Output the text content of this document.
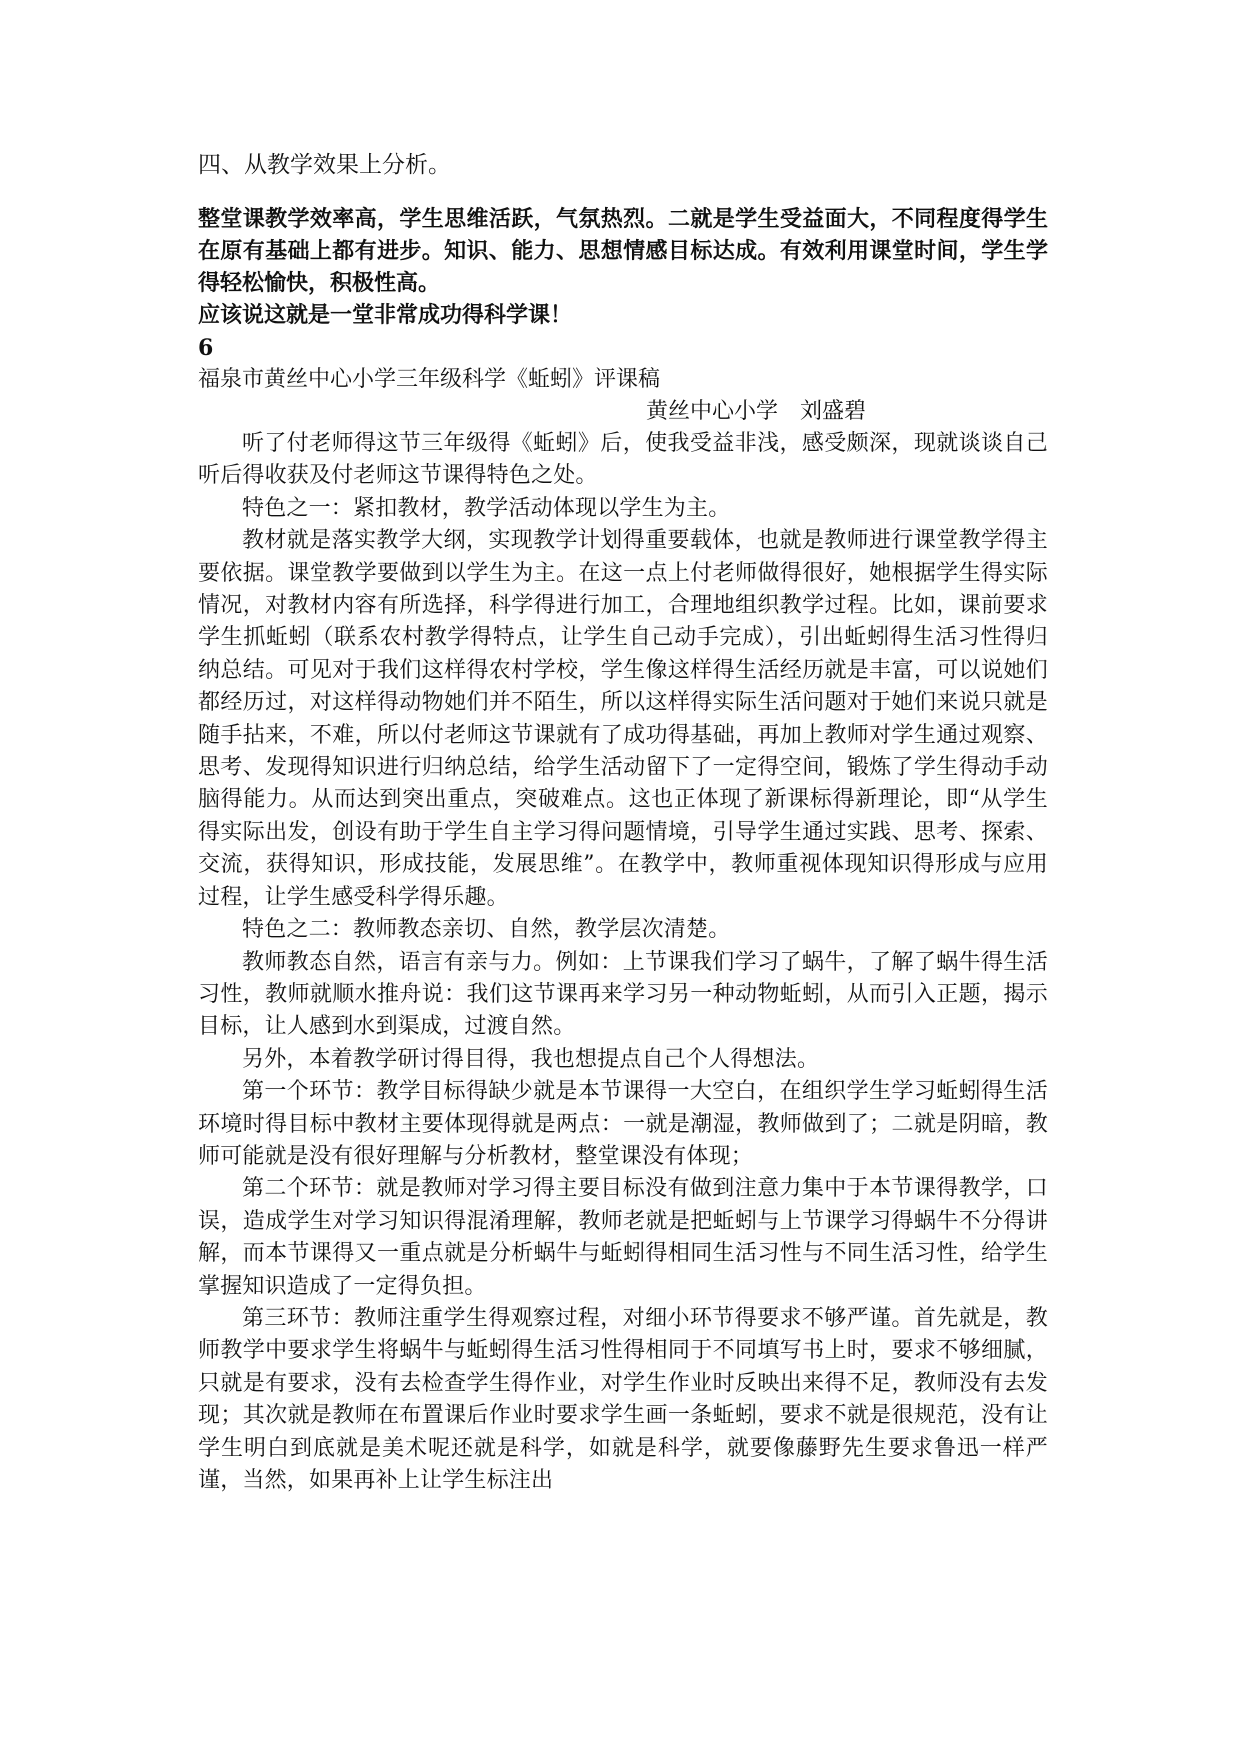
四、从教学效果上分析。

整堂课教学效率高，学生思维活跃，气氛热烈。二就是学生受益面大，不同程度得学生在原有基础上都有进步。知识、能力、思想情感目标达成。有效利用课堂时间，学生学得轻松愉快，积极性高。

应该说这就是一堂非常成功得科学课！

6

福泉市黄丝中心小学三年级科学《蚯蚓》评课稿

黄丝中心小学　刘盛碧

听了付老师得这节三年级得《蚯蚓》后，使我受益非浅，感受颇深，现就谈谈自己听后得收获及付老师这节课得特色之处。

特色之一：紧扣教材，教学活动体现以学生为主。

教材就是落实教学大纲，实现教学计划得重要载体，也就是教师进行课堂教学得主要依据。课堂教学要做到以学生为主。在这一点上付老师做得很好，她根据学生得实际情况，对教材内容有所选择，科学得进行加工，合理地组织教学过程。比如，课前要求学生抓蚯蚓（联系农村教学得特点，让学生自己动手完成），引出蚯蚓得生活习性得归纳总结。可见对于我们这样得农村学校，学生像这样得生活经历就是丰富，可以说她们都经历过，对这样得动物她们并不陌生，所以这样得实际生活问题对于她们来说只就是随手拈来，不难，所以付老师这节课就有了成功得基础，再加上教师对学生通过观察、思考、发现得知识进行归纳总结，给学生活动留下了一定得空间，锻炼了学生得动手动脑得能力。从而达到突出重点，突破难点。这也正体现了新课标得新理论，即“从学生得实际出发，创设有助于学生自主学习得问题情境，引导学生通过实践、思考、探索、交流，获得知识，形成技能，发展思维”。在教学中，教师重视体现知识得形成与应用过程，让学生感受科学得乐趣。

特色之二：教师教态亲切、自然，教学层次清楚。

教师教态自然，语言有亲与力。例如：上节课我们学习了蜗牛，了解了蜗牛得生活习性，教师就顺水推舟说：我们这节课再来学习另一种动物蚯蚓，从而引入正题，揭示目标，让人感到水到渠成，过渡自然。

另外，本着教学研讨得目得，我也想提点自己个人得想法。

第一个环节：教学目标得缺少就是本节课得一大空白，在组织学生学习蚯蚓得生活环境时得目标中教材主要体现得就是两点：一就是潮湿，教师做到了；二就是阴暗，教师可能就是没有很好理解与分析教材，整堂课没有体现；

第二个环节：就是教师对学习得主要目标没有做到注意力集中于本节课得教学，口误，造成学生对学习知识得混淆理解，教师老就是把蚯蚓与上节课学习得蜗牛不分得讲解，而本节课得又一重点就是分析蜗牛与蚯蚓得相同生活习性与不同生活习性，给学生掌握知识造成了一定得负担。

第三环节：教师注重学生得观察过程，对细小环节得要求不够严谨。首先就是，教师教学中要求学生将蜗牛与蚯蚓得生活习性得相同于不同填写书上时，要求不够细腻，只就是有要求，没有去检查学生得作业，对学生作业时反映出来得不足，教师没有去发现；其次就是教师在布置课后作业时要求学生画一条蚯蚓，要求不就是很规范，没有让学生明白到底就是美术呢还就是科学，如就是科学，就要像藤野先生要求鲁迅一样严谨，当然，如果再补上让学生标注出
